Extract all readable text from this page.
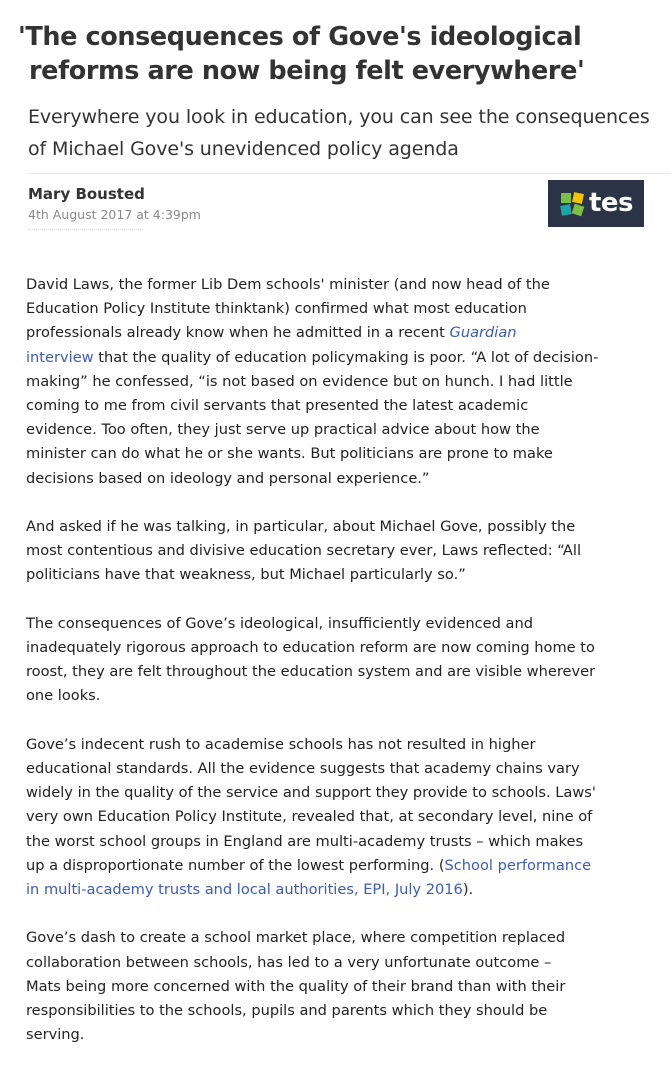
'The consequences of Gove's ideological
reforms are now being felt everywhere'
Everywhere you look in education, you can see the consequences
of Michael Gove's unevidenced policy agenda
Mary Bousted
4th August 2017 at 4:39pm	tes

David Laws, the former Lib Dem schools' minister (and now head of the
Education Policy Institute thinktank) confirmed what most education
professionals already know when he admitted in a recent Guardian
interview that the quality of education policymaking is poor. “A lot of decision-
making” he confessed, “is not based on evidence but on hunch. I had little
coming to me from civil servants that presented the latest academic
evidence. Too often, they just serve up practical advice about how the
minister can do what he or she wants. But politicians are prone to make
decisions based on ideology and personal experience.”

And asked if he was talking, in particular, about Michael Gove, possibly the
most contentious and divisive education secretary ever, Laws reflected: “All
politicians have that weakness, but Michael particularly so.”

The consequences of Gove’s ideological, insufficiently evidenced and
inadequately rigorous approach to education reform are now coming home to
roost, they are felt throughout the education system and are visible wherever
one looks.

Gove’s indecent rush to academise schools has not resulted in higher
educational standards. All the evidence suggests that academy chains vary
widely in the quality of the service and support they provide to schools. Laws'
very own Education Policy Institute, revealed that, at secondary level, nine of
the worst school groups in England are multi-academy trusts – which makes
up a disproportionate number of the lowest performing. (School performance
in multi-academy trusts and local authorities, EPI, July 2016).

Gove’s dash to create a school market place, where competition replaced
collaboration between schools, has led to a very unfortunate outcome –
Mats being more concerned with the quality of their brand than with their
responsibilities to the schools, pupils and parents which they should be
serving.
